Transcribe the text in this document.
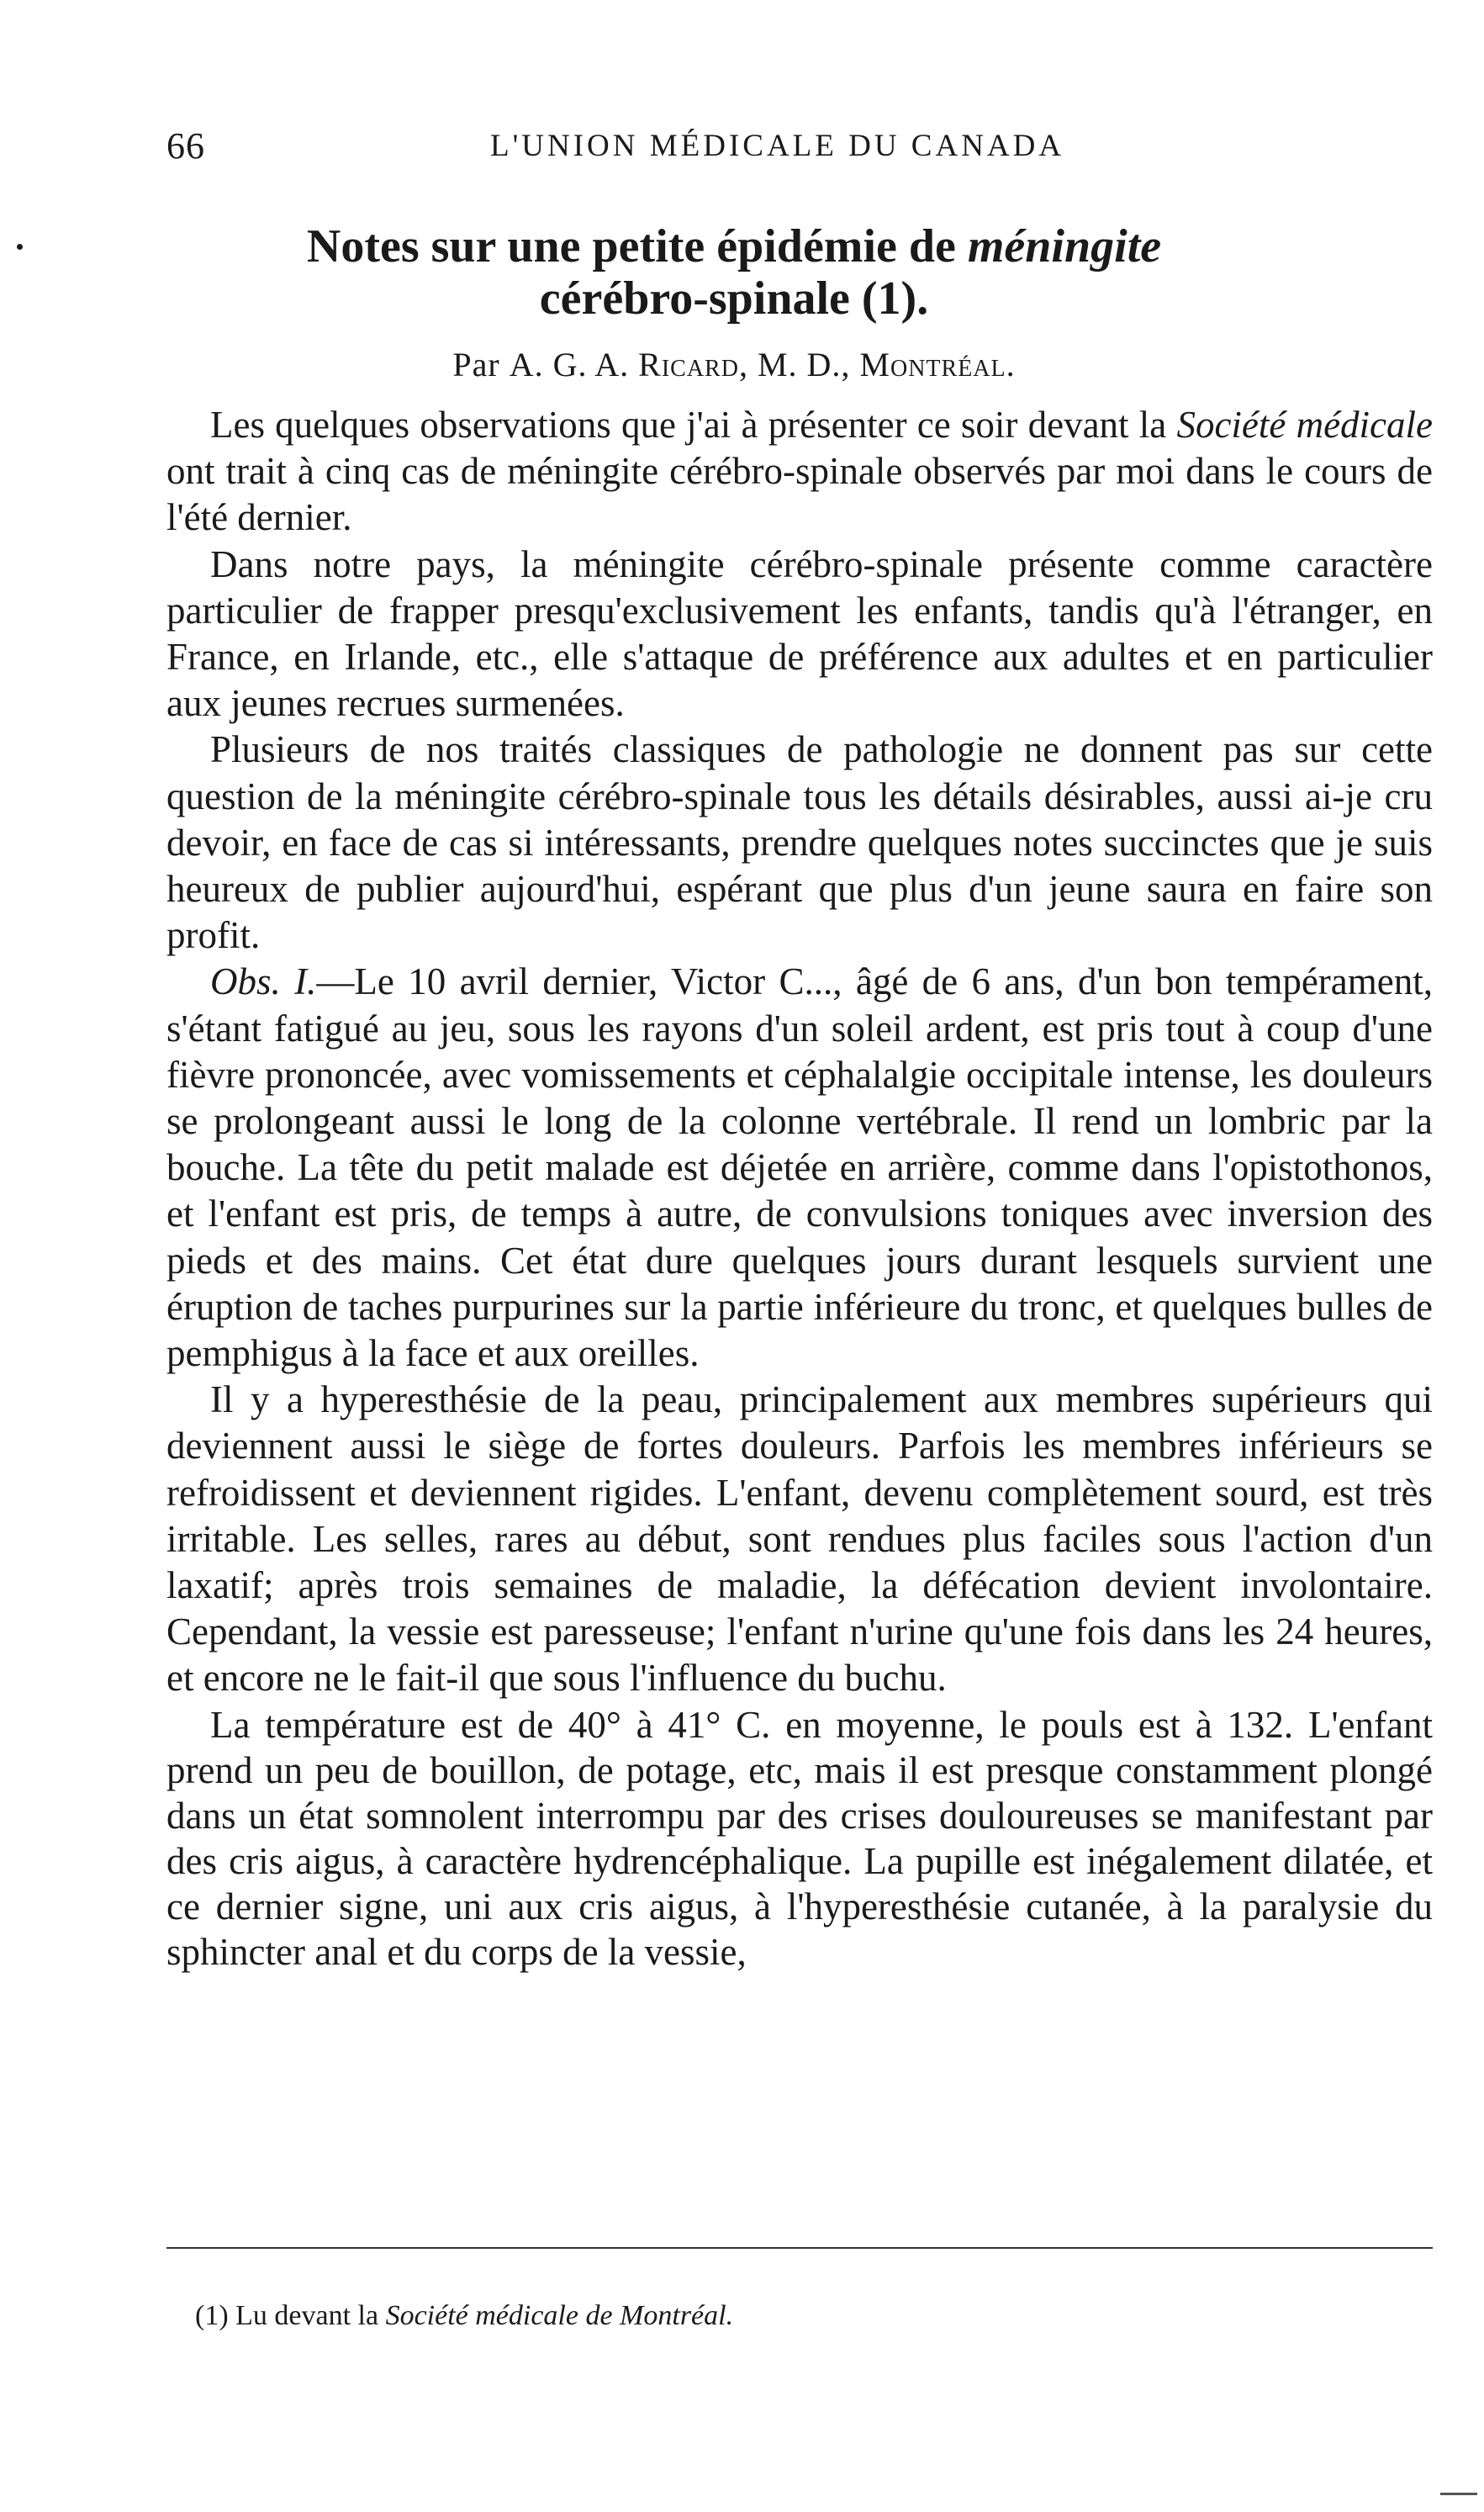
66	L'UNION MÉDICALE DU CANADA
Notes sur une petite épidémie de méningite
cérébro-spinale (1).
Par A. G. A. Ricard, M. D., Montréal.

Les quelques observations que j'ai à présenter ce soir devant la Société médicale ont trait à cinq cas de méningite cérébro-spinale observés par moi dans le cours de l'été dernier.

Dans notre pays, la méningite cérébro-spinale présente comme caractère particulier de frapper presqu'exclusivement les enfants, tandis qu'à l'étranger, en France, en Irlande, etc., elle s'attaque de préférence aux adultes et en particulier aux jeunes recrues surmenées.

Plusieurs de nos traités classiques de pathologie ne donnent pas sur cette question de la méningite cérébro-spinale tous les détails désirables, aussi ai-je cru devoir, en face de cas si intéressants, prendre quelques notes succinctes que je suis heureux de publier aujourd'hui, espérant que plus d'un jeune saura en faire son profit.

Obs. I.—Le 10 avril dernier, Victor C..., âgé de 6 ans, d'un bon tempérament, s'étant fatigué au jeu, sous les rayons d'un soleil ardent, est pris tout à coup d'une fièvre prononcée, avec vomissements et céphalalgie occipitale intense, les douleurs se prolongeant aussi le long de la colonne vertébrale. Il rend un lombric par la bouche. La tête du petit malade est déjetée en arrière, comme dans l'opistothonos, et l'enfant est pris, de temps à autre, de convulsions toniques avec inversion des pieds et des mains. Cet état dure quelques jours durant lesquels survient une éruption de taches purpurines sur la partie inférieure du tronc, et quelques bulles de pemphigus à la face et aux oreilles.

Il y a hyperesthésie de la peau, principalement aux membres supérieurs qui deviennent aussi le siège de fortes douleurs. Parfois les membres inférieurs se refroidissent et deviennent rigides. L'enfant, devenu complètement sourd, est très irritable. Les selles, rares au début, sont rendues plus faciles sous l'action d'un laxatif; après trois semaines de maladie, la défécation devient involontaire. Cependant, la vessie est paresseuse; l'enfant n'urine qu'une fois dans les 24 heures, et encore ne le fait-il que sous l'influence du buchu.

La température est de 40° à 41° C. en moyenne, le pouls est à 132. L'enfant prend un peu de bouillon, de potage, etc, mais il est presque constamment plongé dans un état somnolent interrompu par des crises douloureuses se manifestant par des cris aigus, à caractère hydrencéphalique. La pupille est inégalement dilatée, et ce dernier signe, uni aux cris aigus, à l'hyperesthésie cutanée, à la paralysie du sphincter anal et du corps de la vessie,

(1) Lu devant la Société médicale de Montréal.
